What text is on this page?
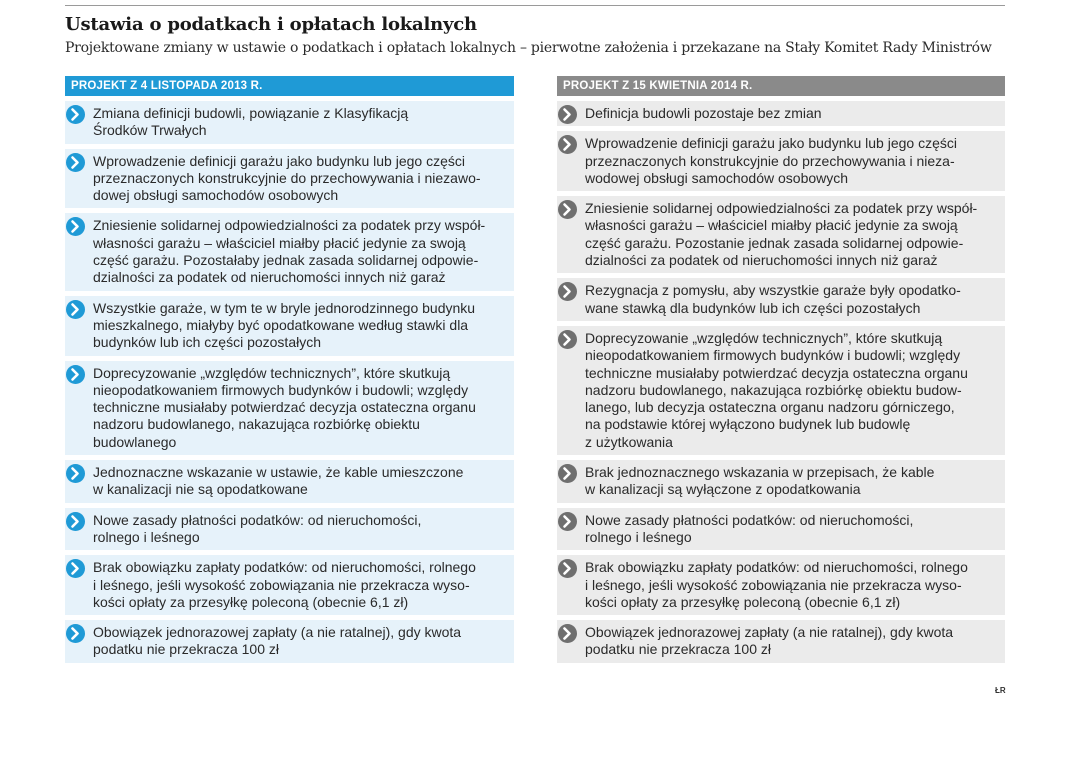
Ustawia o podatkach i opłatach lokalnych
Projektowane zmiany w ustawie o podatkach i opłatach lokalnych – pierwotne założenia i przekazane na Stały Komitet Rady Ministrów
PROJEKT Z 4 LISTOPADA 2013 R.
Zmiana definicji budowli, powiązanie z Klasyfikacją
Środków Trwałych
Wprowadzenie definicji garażu jako budynku lub jego części
przeznaczonych konstrukcyjnie do przechowywania i niezawo-
dowej obsługi samochodów osobowych
Zniesienie solidarnej odpowiedzialności za podatek przy współ-
własności garażu – właściciel miałby płacić jedynie za swoją
część garażu. Pozostałaby jednak zasada solidarnej odpowie-
dzialności za podatek od nieruchomości innych niż garaż
Wszystkie garaże, w tym te w bryle jednorodzinnego budynku
mieszkalnego, miałyby być opodatkowane według stawki dla
budynków lub ich części pozostałych
Doprecyzowanie „względów technicznych”, które skutkują
nieopodatkowaniem firmowych budynków i budowli; względy
techniczne musiałaby potwierdzać decyzja ostateczna organu
nadzoru budowlanego, nakazująca rozbiórkę obiektu
budowlanego
Jednoznaczne wskazanie w ustawie, że kable umieszczone
w kanalizacji nie są opodatkowane
Nowe zasady płatności podatków: od nieruchomości,
rolnego i leśnego
Brak obowiązku zapłaty podatków: od nieruchomości, rolnego
i leśnego, jeśli wysokość zobowiązania nie przekracza wyso-
kości opłaty za przesyłkę poleconą (obecnie 6,1 zł)
Obowiązek jednorazowej zapłaty (a nie ratalnej), gdy kwota
podatku nie przekracza 100 zł
PROJEKT Z 15 KWIETNIA 2014 R.
Definicja budowli pozostaje bez zmian
Wprowadzenie definicji garażu jako budynku lub jego części
przeznaczonych konstrukcyjnie do przechowywania i nieza-
wodowej obsługi samochodów osobowych
Zniesienie solidarnej odpowiedzialności za podatek przy współ-
własności garażu – właściciel miałby płacić jedynie za swoją
część garażu. Pozostanie jednak zasada solidarnej odpowie-
dzialności za podatek od nieruchomości innych niż garaż
Rezygnacja z pomysłu, aby wszystkie garaże były opodatko-
wane stawką dla budynków lub ich części pozostałych
Doprecyzowanie „względów technicznych”, które skutkują
nieopodatkowaniem firmowych budynków i budowli; względy
techniczne musiałaby potwierdzać decyzja ostateczna organu
nadzoru budowlanego, nakazująca rozbiórkę obiektu budow-
lanego, lub decyzja ostateczna organu nadzoru górniczego,
na podstawie której wyłączono budynek lub budowlę
z użytkowania
Brak jednoznacznego wskazania w przepisach, że kable
w kanalizacji są wyłączone z opodatkowania
Nowe zasady płatności podatków: od nieruchomości,
rolnego i leśnego
Brak obowiązku zapłaty podatków: od nieruchomości, rolnego
i leśnego, jeśli wysokość zobowiązania nie przekracza wyso-
kości opłaty za przesyłkę poleconą (obecnie 6,1 zł)
Obowiązek jednorazowej zapłaty (a nie ratalnej), gdy kwota
podatku nie przekracza 100 zł
ŁR
